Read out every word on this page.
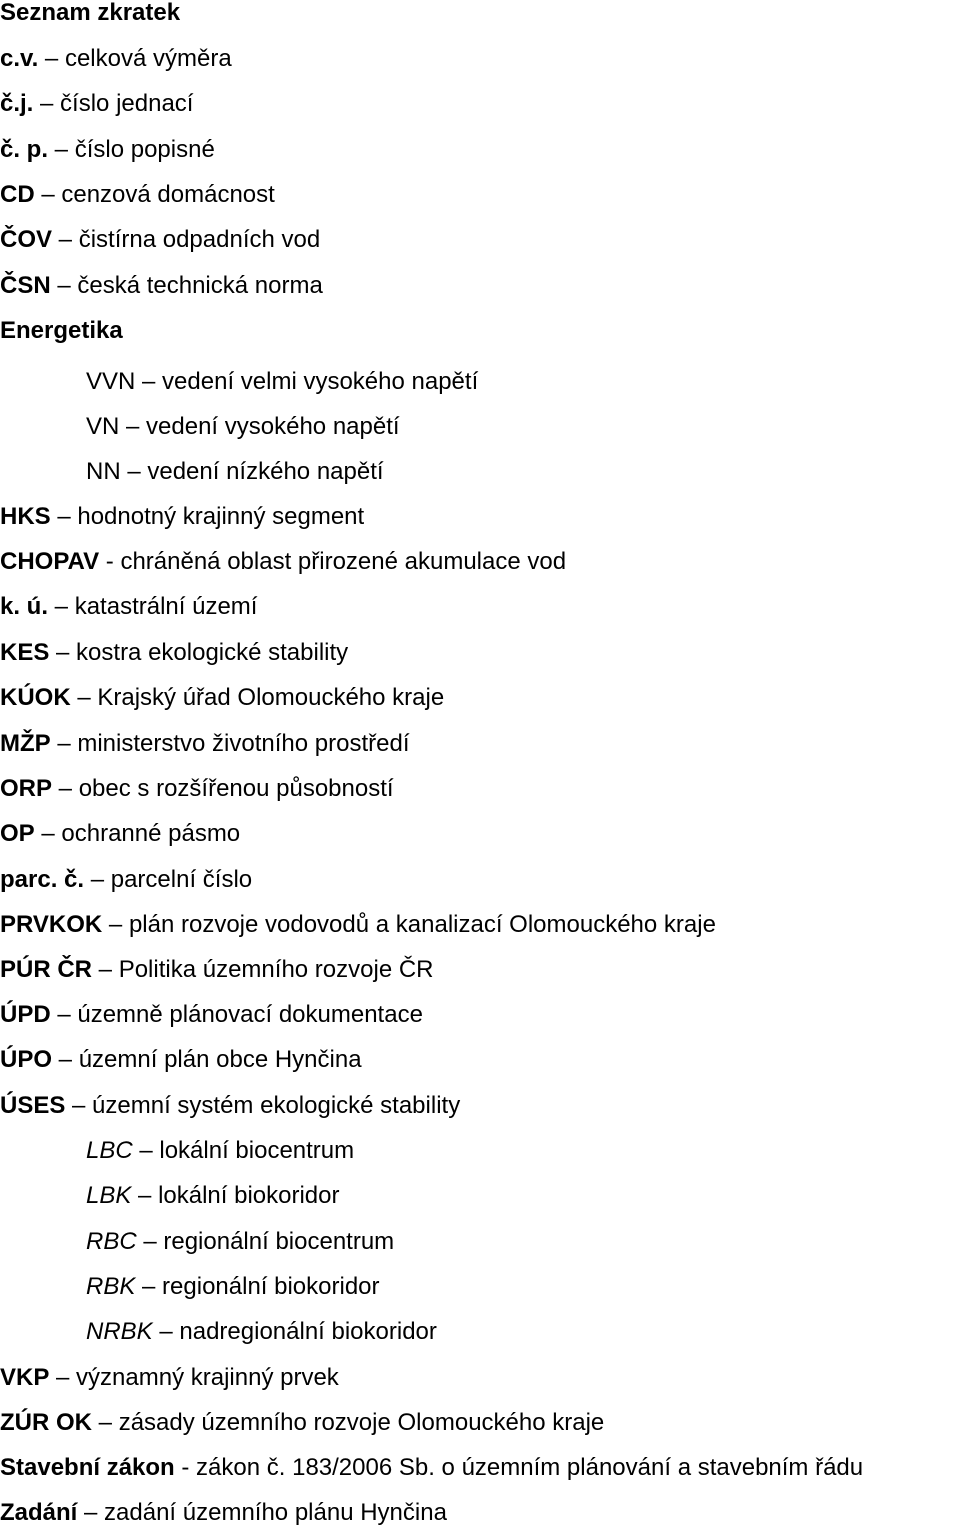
Seznam zkratek
c.v. – celková výměra
č.j. – číslo jednací
č. p. – číslo popisné
CD – cenzová domácnost
ČOV – čistírna odpadních vod
ČSN – česká technická norma
Energetika
VVN – vedení velmi vysokého napětí
VN – vedení vysokého napětí
NN – vedení nízkého napětí
HKS – hodnotný krajinný segment
CHOPAV - chráněná oblast přirozené akumulace vod
k. ú. – katastrální území
KES – kostra ekologické stability
KÚOK – Krajský úřad Olomouckého kraje
MŽP – ministerstvo životního prostředí
ORP – obec s rozšířenou působností
OP – ochranné pásmo
parc. č. – parcelní číslo
PRVKOK – plán rozvoje vodovodů a kanalizací Olomouckého kraje
PÚR ČR – Politika územního rozvoje ČR
ÚPD – územně plánovací dokumentace
ÚPO – územní plán obce Hynčina
ÚSES – územní systém ekologické stability
LBC – lokální biocentrum
LBK – lokální biokoridor
RBC – regionální biocentrum
RBK – regionální biokoridor
NRBK – nadregionální biokoridor
VKP – významný krajinný prvek
ZÚR OK – zásady územního rozvoje Olomouckého kraje
Stavební zákon - zákon č. 183/2006 Sb. o územním plánování a stavebním řádu
Zadání – zadání územního plánu Hynčina
